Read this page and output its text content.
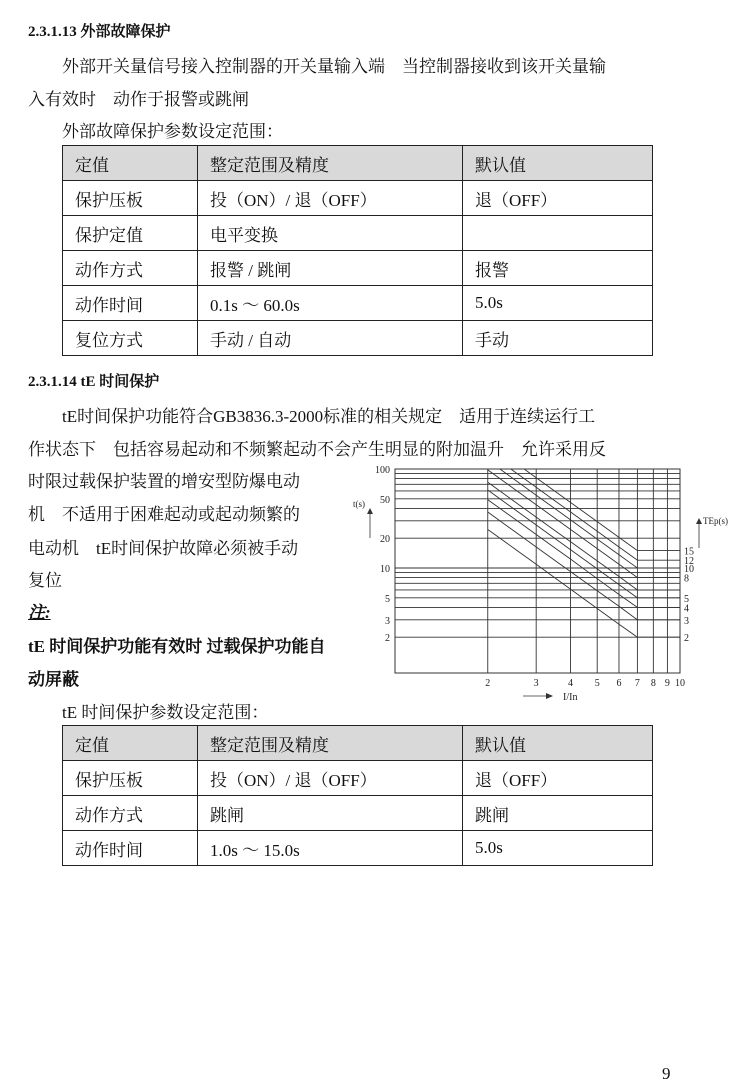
2.3.1.13 外部故障保护
外部开关量信号接入控制器的开关量输入端　当控制器接收到该开关量输
入有效时　动作于报警或跳闸
外部故障保护参数设定范围：
定值	整定范围及精度	默认值
保护压板	投（ON）/ 退（OFF）	退（OFF）
保护定值	电平变换	
动作方式	报警 / 跳闸	报警
动作时间	0.1s ～ 60.0s	5.0s
复位方式	手动 / 自动	手动
2.3.1.14 tE 时间保护
tE时间保护功能符合GB3836.3-2000标准的相关规定　适用于连续运行工
作状态下　包括容易起动和不频繁起动不会产生明显的附加温升　允许采用反
时限过载保护装置的增安型防爆电动
机　不适用于困难起动或起动频繁的
电动机　tE时间保护故障必须被手动
复位
注:
tE 时间保护功能有效时 过载保护功能自
动屏蔽
100
50
20
10
5
3
2
2	3	4 5 6 7 8 9 10
15
12
10
8
5
4
3
2
t(s)
TEp(s)
I/In
tE 时间保护参数设定范围：
定值	整定范围及精度	默认值
保护压板	投（ON）/ 退（OFF）	退（OFF）
动作方式	跳闸	跳闸
动作时间	1.0s ～ 15.0s	5.0s
9
